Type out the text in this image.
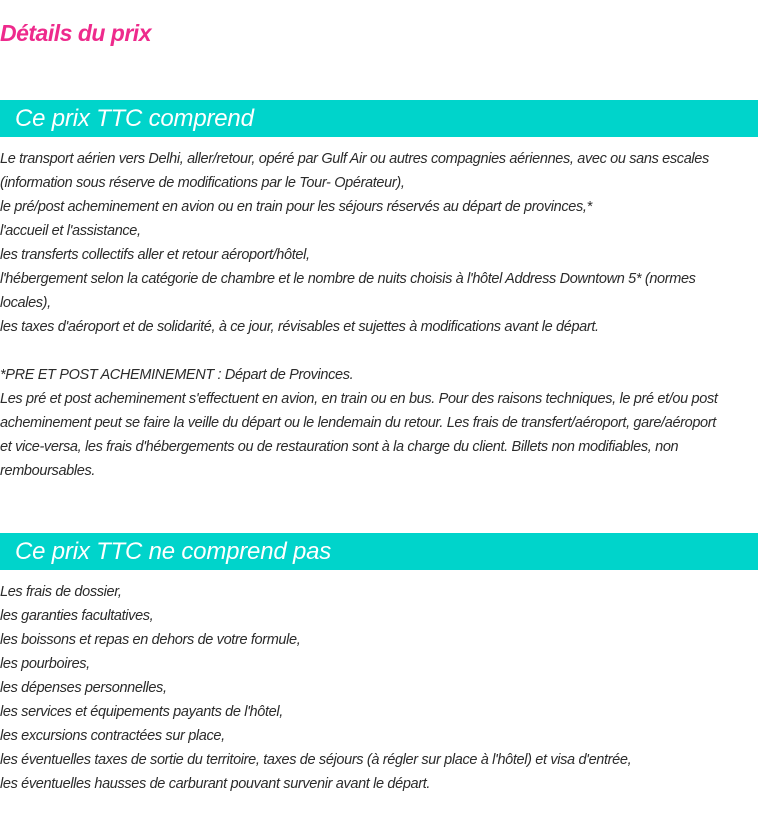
Détails du prix
Ce prix TTC comprend
Le transport aérien vers Delhi, aller/retour, opéré par Gulf Air ou autres compagnies aériennes, avec ou sans escales
(information sous réserve de modifications par le Tour- Opérateur),
le pré/post acheminement en avion ou en train pour les séjours réservés au départ de provinces,*
l'accueil et l'assistance,
les transferts collectifs aller et retour aéroport/hôtel,
l'hébergement selon la catégorie de chambre et le nombre de nuits choisis à l'hôtel Address Downtown 5* (normes
locales),
les taxes d'aéroport et de solidarité, à ce jour, révisables et sujettes à modifications avant le départ.
*PRE ET POST ACHEMINEMENT : Départ de Provinces.
Les pré et post acheminement s'effectuent en avion, en train ou en bus. Pour des raisons techniques, le pré et/ou post
acheminement peut se faire la veille du départ ou le lendemain du retour. Les frais de transfert/aéroport, gare/aéroport
et vice-versa, les frais d'hébergements ou de restauration sont à la charge du client. Billets non modifiables, non
remboursables.
Ce prix TTC ne comprend pas
Les frais de dossier,
les garanties facultatives,
les boissons et repas en dehors de votre formule,
les pourboires,
les dépenses personnelles,
les services et équipements payants de l'hôtel,
les excursions contractées sur place,
les éventuelles taxes de sortie du territoire, taxes de séjours (à régler sur place à l'hôtel) et visa d'entrée,
les éventuelles hausses de carburant pouvant survenir avant le départ.
